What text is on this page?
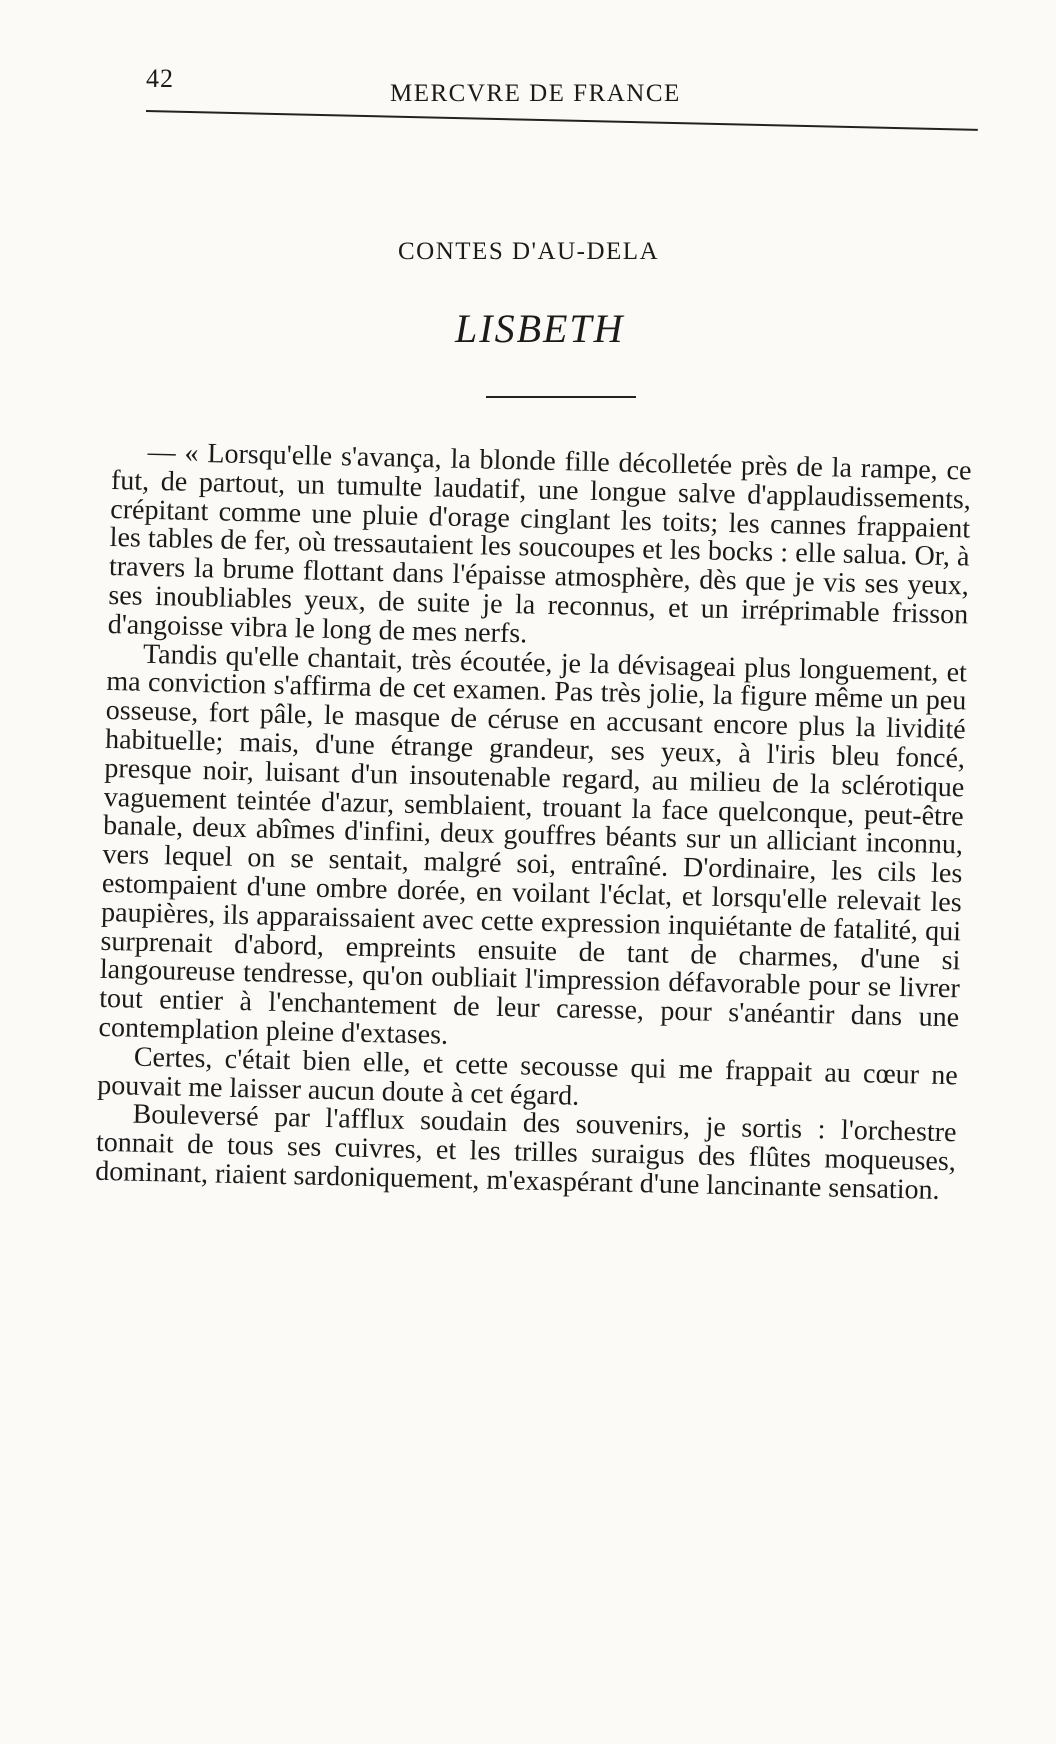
42
MERCVRE DE FRANCE
CONTES D'AU-DELA
LISBETH

— « Lorsqu'elle s'avança, la blonde fille décolletée près de la rampe, ce fut, de partout, un tumulte laudatif, une longue salve d'applaudissements, crépitant comme une pluie d'orage cinglant les toits; les cannes frappaient les tables de fer, où tressautaient les soucoupes et les bocks : elle salua. Or, à travers la brume flottant dans l'épaisse atmosphère, dès que je vis ses yeux, ses inoubliables yeux, de suite je la reconnus, et un irréprimable frisson d'angoisse vibra le long de mes nerfs.

Tandis qu'elle chantait, très écoutée, je la dévisageai plus longuement, et ma conviction s'affirma de cet examen. Pas très jolie, la figure même un peu osseuse, fort pâle, le masque de céruse en accusant encore plus la lividité habituelle; mais, d'une étrange grandeur, ses yeux, à l'iris bleu foncé, presque noir, luisant d'un insoutenable regard, au milieu de la sclérotique vaguement teintée d'azur, semblaient, trouant la face quelconque, peut-être banale, deux abîmes d'infini, deux gouffres béants sur un alliciant inconnu, vers lequel on se sentait, malgré soi, entraîné. D'ordinaire, les cils les estompaient d'une ombre dorée, en voilant l'éclat, et lorsqu'elle relevait les paupières, ils apparaissaient avec cette expression inquiétante de fatalité, qui surprenait d'abord, empreints ensuite de tant de charmes, d'une si langoureuse tendresse, qu'on oubliait l'impression défavorable pour se livrer tout entier à l'enchantement de leur caresse, pour s'anéantir dans une contemplation pleine d'extases.

Certes, c'était bien elle, et cette secousse qui me frappait au cœur ne pouvait me laisser aucun doute à cet égard.

Bouleversé par l'afflux soudain des souvenirs, je sortis : l'orchestre tonnait de tous ses cuivres, et les trilles suraigus des flûtes moqueuses, dominant, riaient sardoniquement, m'exaspérant d'une lancinante sensation.
